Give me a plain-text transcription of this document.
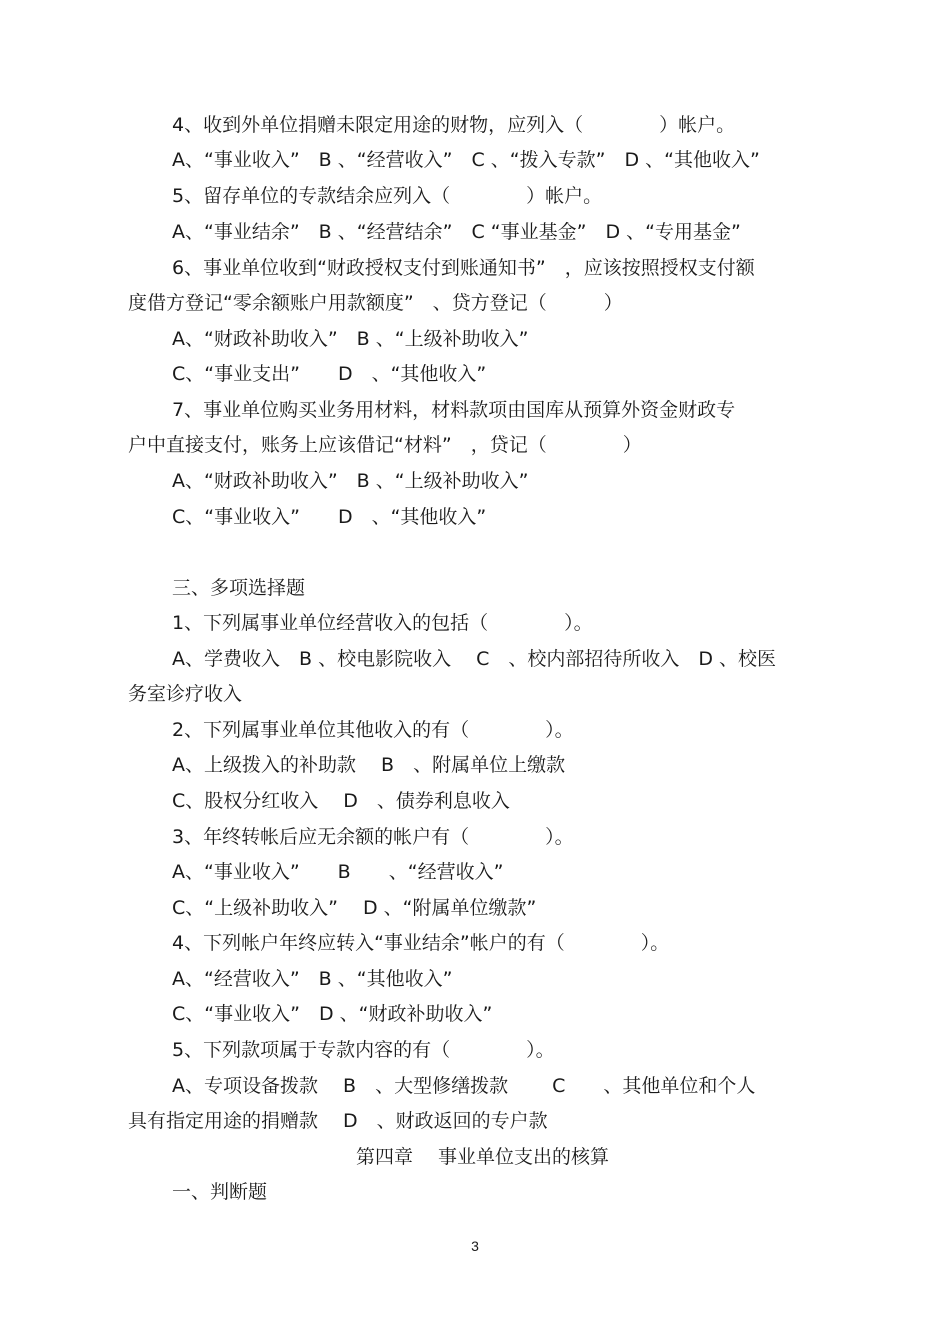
4、收到外单位捐赠未限定用途的财物，应列入（　　　　）帐户。
A、“事业收入”　B 、“经营收入”　C 、“拨入专款”　D 、“其他收入”
5、留存单位的专款结余应列入（　　　　）帐户。
A、“事业结余”　B 、“经营结余”　C “事业基金”　D 、“专用基金”
6、事业单位收到“财政授权支付到账通知书”　，应该按照授权支付额
度借方登记“零余额账户用款额度”　、贷方登记（　　　）
A、“财政补助收入”　B 、“上级补助收入”
C、“事业支出”　　D　、“其他收入”
7、事业单位购买业务用材料，材料款项由国库从预算外资金财政专
户中直接支付，账务上应该借记“材料”　，贷记（　　　　）
A、“财政补助收入”　B 、“上级补助收入”
C、“事业收入”　　D　、“其他收入”
三、多项选择题
1、下列属事业单位经营收入的包括（　　　　）。
A、学费收入　B 、校电影院收入　 C　、校内部招待所收入　D 、校医
务室诊疗收入
2、下列属事业单位其他收入的有（　　　　）。
A、上级拨入的补助款　 B　、附属单位上缴款
C、股权分红收入　 D　、债券利息收入
3、年终转帐后应无余额的帐户有（　　　　）。
A、“事业收入”　　B　　、“经营收入”
C、“上级补助收入”　 D 、“附属单位缴款”
4、下列帐户年终应转入“事业结余”帐户的有（　　　　）。
A、“经营收入”　B 、“其他收入”
C、“事业收入”　D 、“财政补助收入”
5、下列款项属于专款内容的有（　　　　）。
A、专项设备拨款　 B　、大型修缮拨款　　 C　　、其他单位和个人
具有指定用途的捐赠款　 D　、财政返回的专户款
第四章　 事业单位支出的核算
一、判断题
3
